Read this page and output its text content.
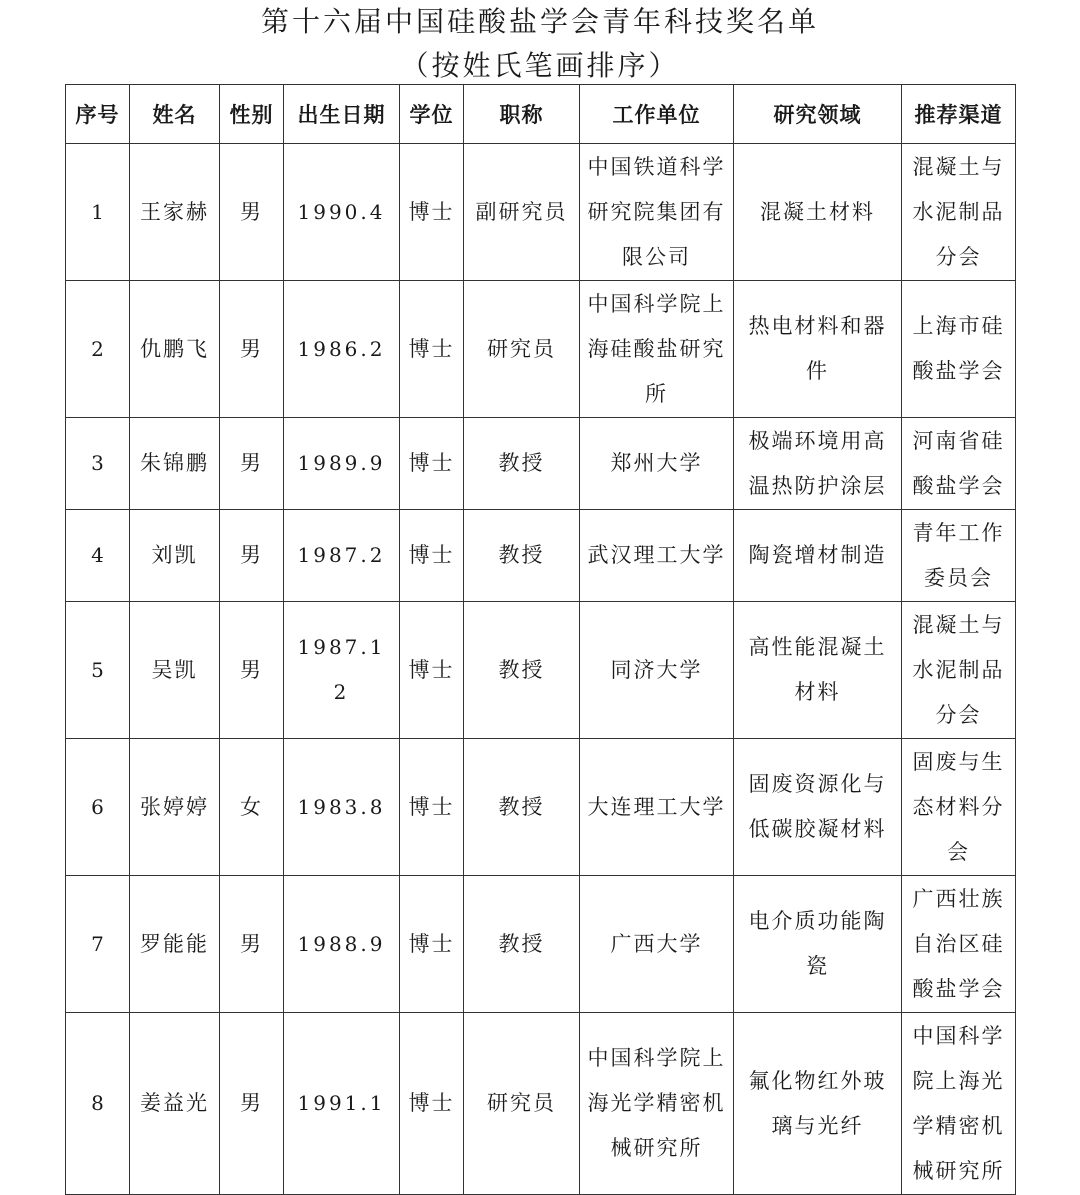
第十六届中国硅酸盐学会青年科技奖名单
（按姓氏笔画排序）
序号	姓名	性别	出生日期	学位	职称	工作单位	研究领域	推荐渠道
1	王家赫	男	1990.4	博士	副研究员	中国铁道科学研究院集团有限公司	混凝土材料	混凝土与水泥制品分会
2	仇鹏飞	男	1986.2	博士	研究员	中国科学院上海硅酸盐研究所	热电材料和器件	上海市硅酸盐学会
3	朱锦鹏	男	1989.9	博士	教授	郑州大学	极端环境用高温热防护涂层	河南省硅酸盐学会
4	刘凯	男	1987.2	博士	教授	武汉理工大学	陶瓷增材制造	青年工作委员会
5	吴凯	男	1987.12	博士	教授	同济大学	高性能混凝土材料	混凝土与水泥制品分会
6	张婷婷	女	1983.8	博士	教授	大连理工大学	固废资源化与低碳胶凝材料	固废与生态材料分会
7	罗能能	男	1988.9	博士	教授	广西大学	电介质功能陶瓷	广西壮族自治区硅酸盐学会
8	姜益光	男	1991.1	博士	研究员	中国科学院上海光学精密机械研究所	氟化物红外玻璃与光纤	中国科学院上海光学精密机械研究所
